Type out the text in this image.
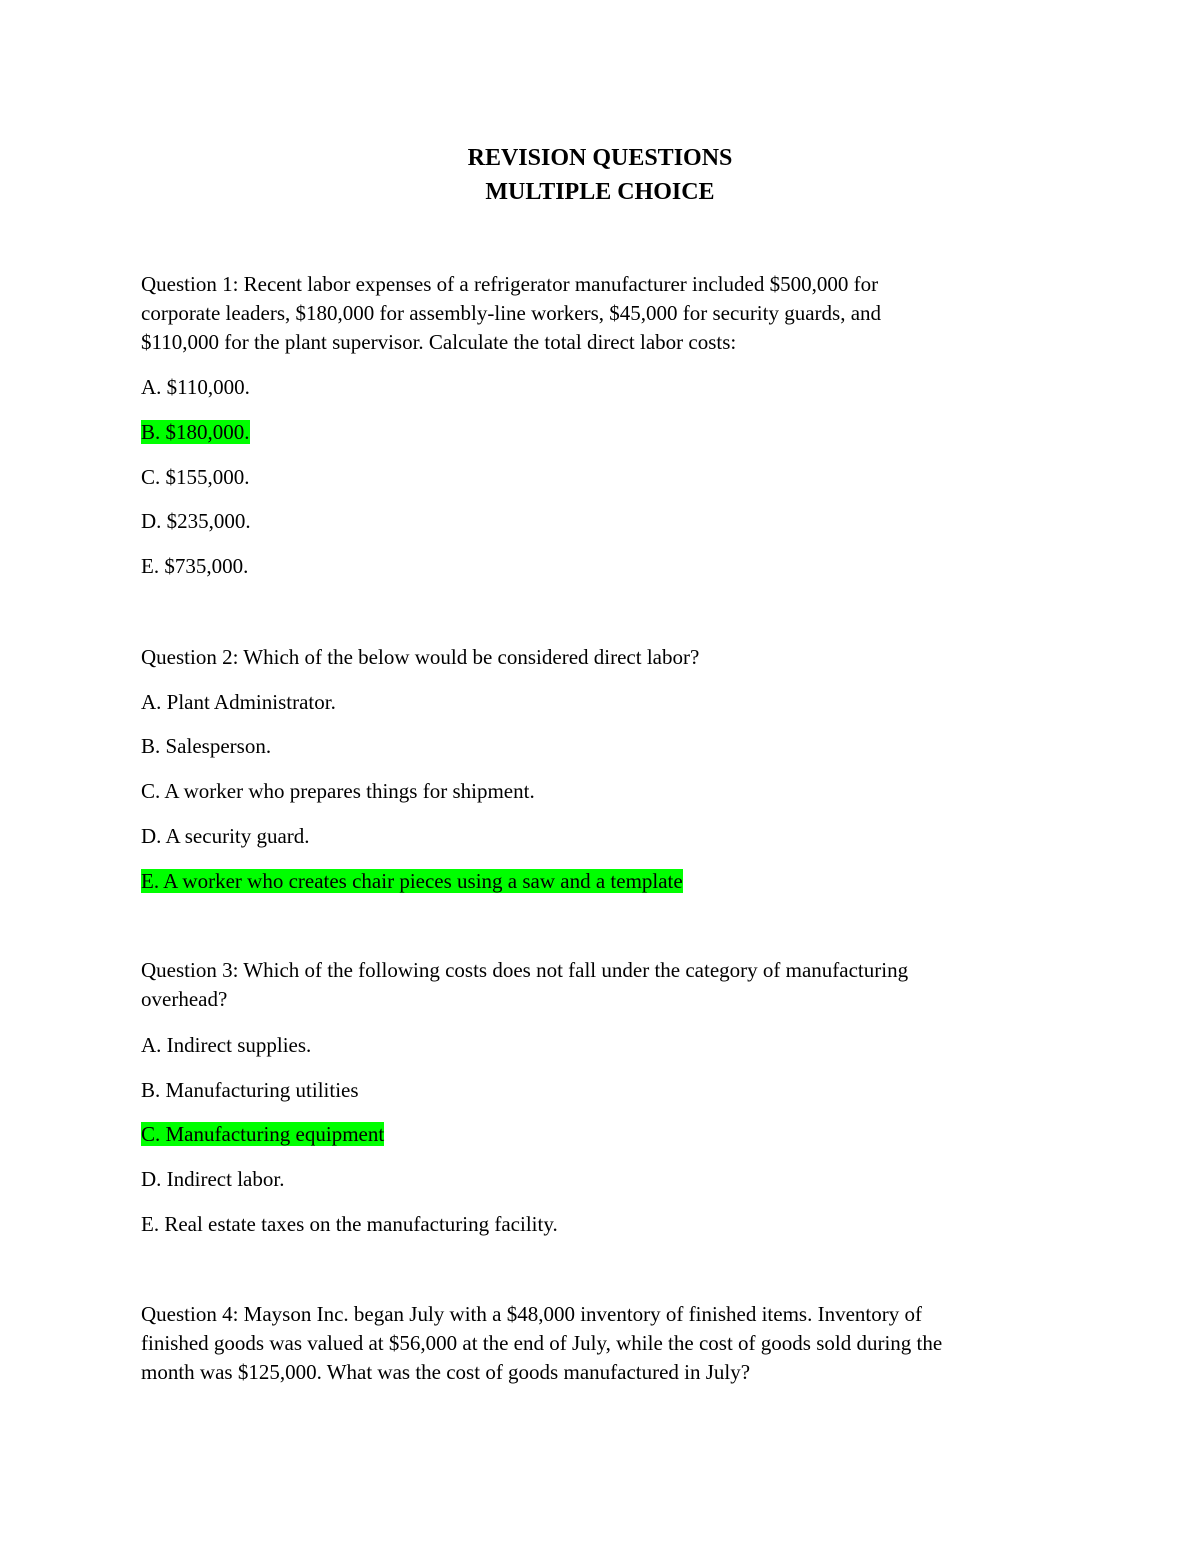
REVISION QUESTIONS
MULTIPLE CHOICE

Question 1: Recent labor expenses of a refrigerator manufacturer included $500,000 for

corporate leaders, $180,000 for assembly-line workers, $45,000 for security guards, and

$110,000 for the plant supervisor. Calculate the total direct labor costs:

A. $110,000.

B. $180,000.

C. $155,000.

D. $235,000.

E. $735,000.

Question 2: Which of the below would be considered direct labor?

A. Plant Administrator.

B. Salesperson.

C. A worker who prepares things for shipment.

D. A security guard.

E. A worker who creates chair pieces using a saw and a template

Question 3: Which of the following costs does not fall under the category of manufacturing

overhead?

A. Indirect supplies.

B. Manufacturing utilities

C. Manufacturing equipment

D. Indirect labor.

E. Real estate taxes on the manufacturing facility.

Question 4: Mayson Inc. began July with a $48,000 inventory of finished items. Inventory of

finished goods was valued at $56,000 at the end of July, while the cost of goods sold during the

month was $125,000. What was the cost of goods manufactured in July?
